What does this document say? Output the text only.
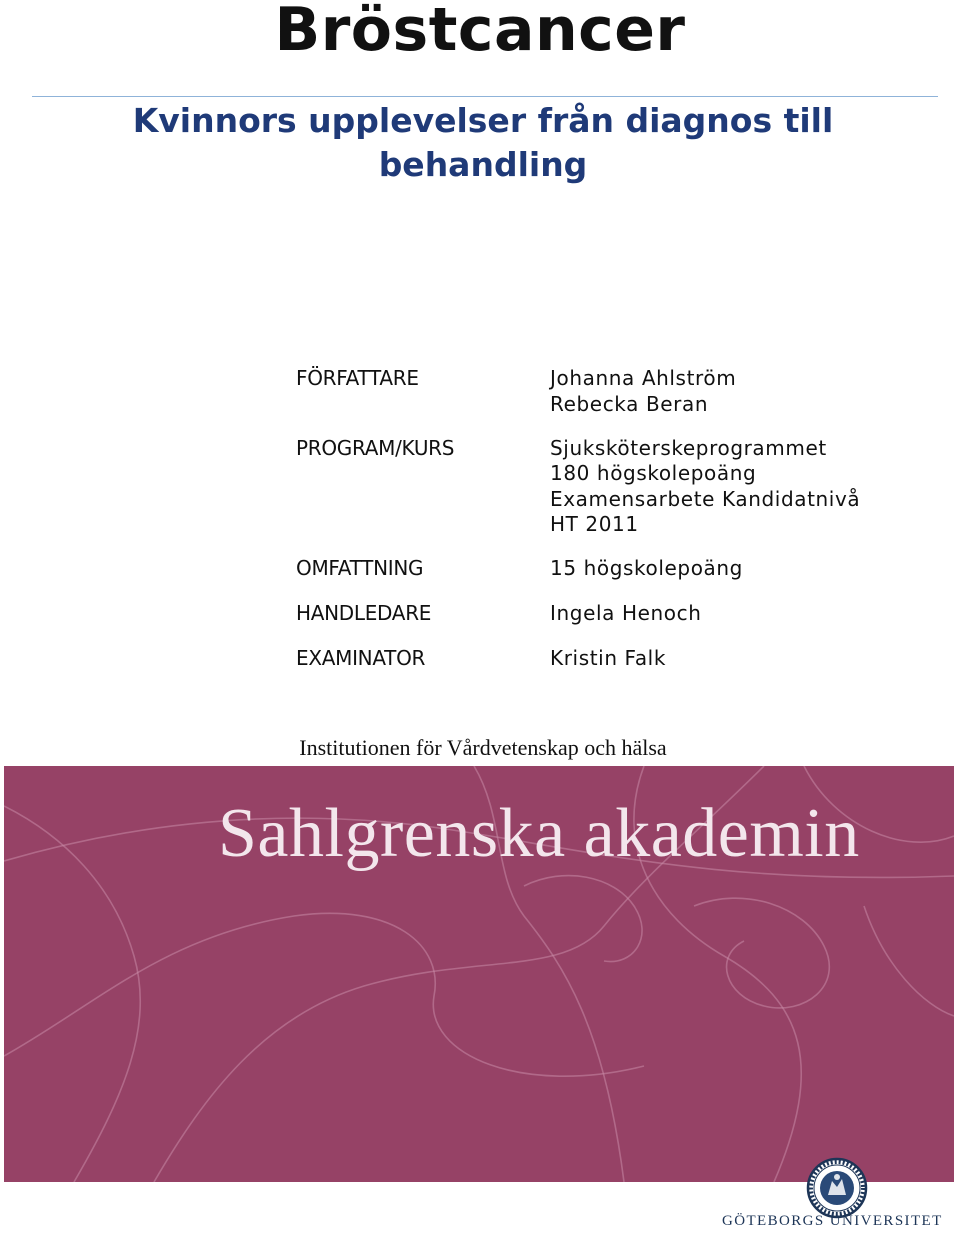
Bröstcancer
Kvinnors upplevelser från diagnos till
behandling
FÖRFATTARE	Johanna Ahlström
Rebecka Beran
PROGRAM/KURS	Sjuksköterskeprogrammet
180 högskolepoäng
Examensarbete Kandidatnivå
HT 2011
OMFATTNING	15 högskolepoäng
HANDLEDARE	Ingela Henoch
EXAMINATOR	Kristin Falk
Institutionen för Vårdvetenskap och hälsa
Sahlgrenska akademin
GÖTEBORGS UNIVERSITET
